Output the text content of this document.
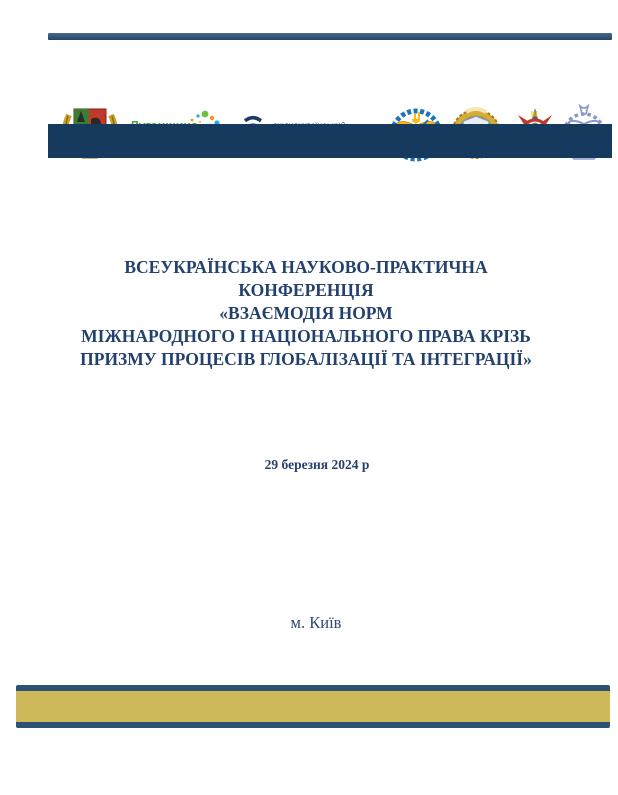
ВСЕУКРАЇНСЬКА НАУКОВО-ПРАКТИЧНА
КОНФЕРЕНЦІЯ
«ВЗАЄМОДІЯ НОРМ
МІЖНАРОДНОГО І НАЦІОНАЛЬНОГО ПРАВА КРІЗЬ
ПРИЗМУ ПРОЦЕСІВ ГЛОБАЛІЗАЦІЇ ТА ІНТЕГРАЦІЇ»
29 березня 2024 р
м. Київ
